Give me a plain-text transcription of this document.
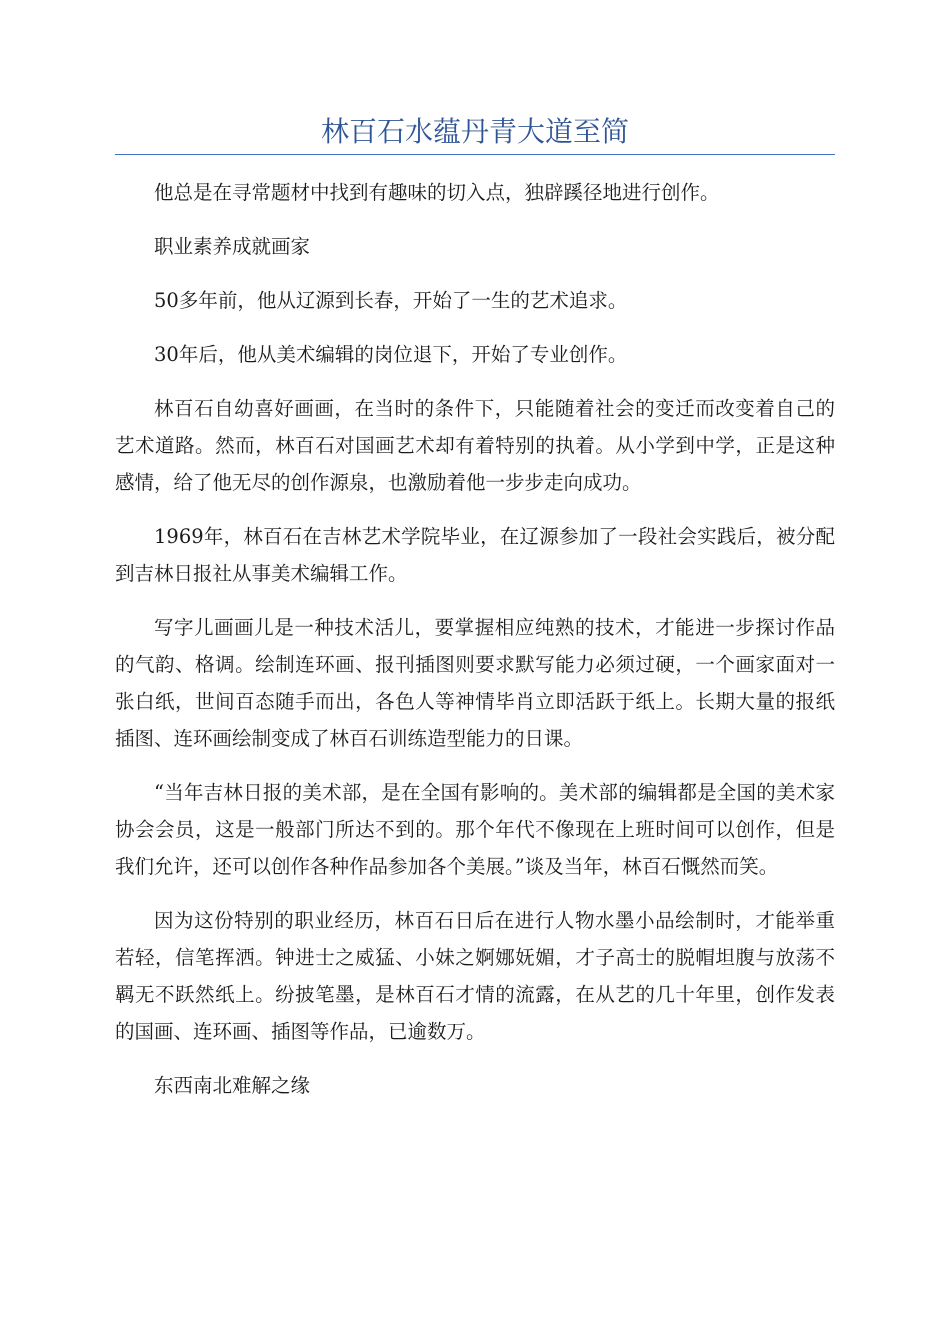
林百石水蕴丹青大道至简

他总是在寻常题材中找到有趣味的切入点，独辟蹊径地进行创作。

职业素养成就画家

50多年前，他从辽源到长春，开始了一生的艺术追求。

30年后，他从美术编辑的岗位退下，开始了专业创作。

林百石自幼喜好画画，在当时的条件下，只能随着社会的变迁而改变着自己的艺术道路。然而，林百石对国画艺术却有着特别的执着。从小学到中学，正是这种感情，给了他无尽的创作源泉，也激励着他一步步走向成功。

1969年，林百石在吉林艺术学院毕业，在辽源参加了一段社会实践后，被分配到吉林日报社从事美术编辑工作。

写字儿画画儿是一种技术活儿，要掌握相应纯熟的技术，才能进一步探讨作品的气韵、格调。绘制连环画、报刊插图则要求默写能力必须过硬，一个画家面对一张白纸，世间百态随手而出，各色人等神情毕肖立即活跃于纸上。长期大量的报纸插图、连环画绘制变成了林百石训练造型能力的日课。

“当年吉林日报的美术部，是在全国有影响的。美术部的编辑都是全国的美术家协会会员，这是一般部门所达不到的。那个年代不像现在上班时间可以创作，但是我们允许，还可以创作各种作品参加各个美展。”谈及当年，林百石慨然而笑。

因为这份特别的职业经历，林百石日后在进行人物水墨小品绘制时，才能举重若轻，信笔挥洒。钟进士之威猛、小妹之婀娜妩媚，才子高士的脱帽坦腹与放荡不羁无不跃然纸上。纷披笔墨，是林百石才情的流露，在从艺的几十年里，创作发表的国画、连环画、插图等作品，已逾数万。

东西南北难解之缘
